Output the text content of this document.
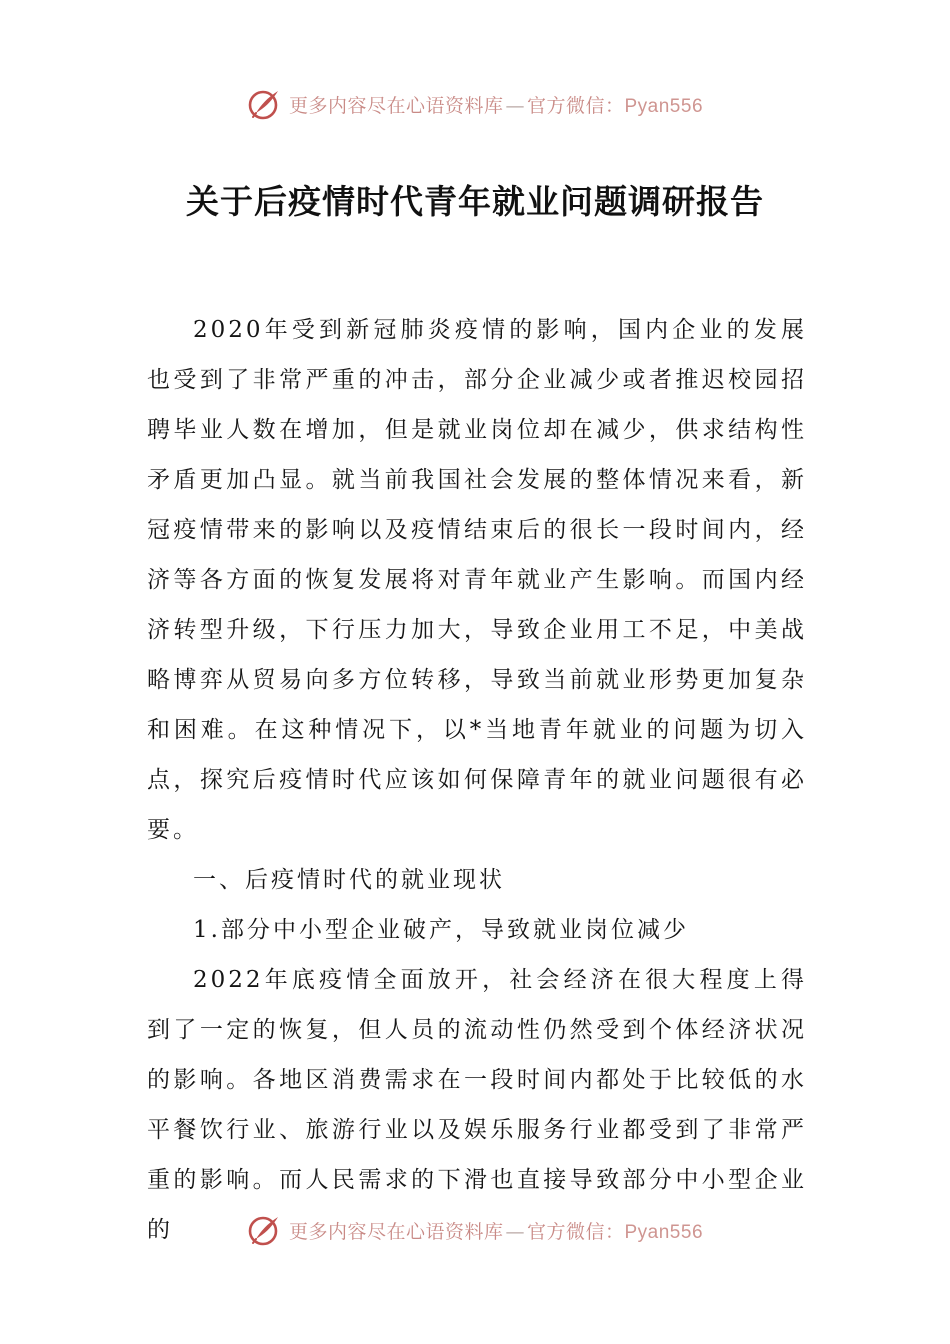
更多内容尽在心语资料库 — 官方微信：Pyan556
关于后疫情时代青年就业问题调研报告

2020年受到新冠肺炎疫情的影响，国内企业的发展也受到了非常严重的冲击，部分企业减少或者推迟校园招聘毕业人数在增加，但是就业岗位却在减少，供求结构性矛盾更加凸显。就当前我国社会发展的整体情况来看，新冠疫情带来的影响以及疫情结束后的很长一段时间内，经济等各方面的恢复发展将对青年就业产生影响。而国内经济转型升级，下行压力加大，导致企业用工不足，中美战略博弈从贸易向多方位转移，导致当前就业形势更加复杂和困难。在这种情况下，以*当地青年就业的问题为切入点，探究后疫情时代应该如何保障青年的就业问题很有必要。

一、后疫情时代的就业现状

1.部分中小型企业破产，导致就业岗位减少

2022年底疫情全面放开，社会经济在很大程度上得到了一定的恢复，但人员的流动性仍然受到个体经济状况的影响。各地区消费需求在一段时间内都处于比较低的水平餐饮行业、旅游行业以及娱乐服务行业都受到了非常严重的影响。而人民需求的下滑也直接导致部分中小型企业的	更多内容尽在心语资料库 — 官方微信：Pyan556
